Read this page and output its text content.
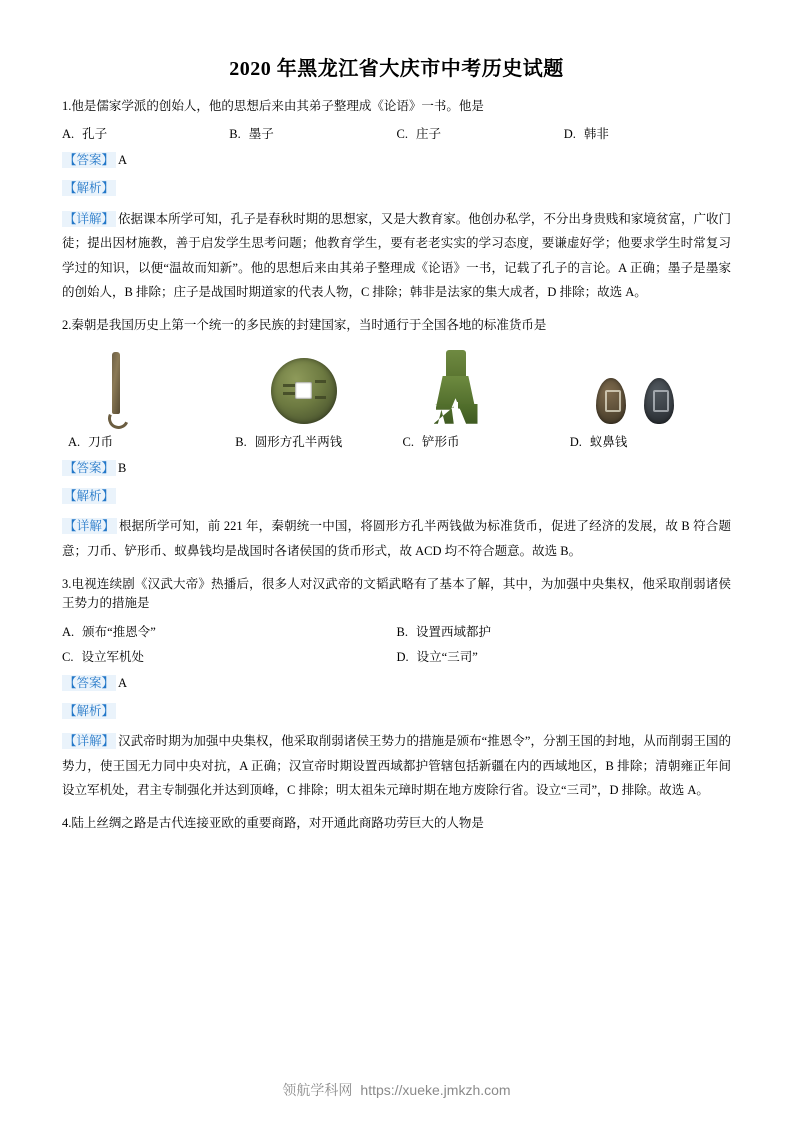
2020 年黑龙江省大庆市中考历史试题
1.他是儒家学派的创始人，他的思想后来由其弟子整理成《论语》一书。他是
A. 孔子	B. 墨子	C. 庄子	D. 韩非
【答案】 A
【解析】
【详解】 依据课本所学可知，孔子是春秋时期的思想家，又是大教育家。他创办私学，不分出身贵贱和家境贫富，广收门徒；提出因材施教，善于启发学生思考问题；他教育学生，要有老老实实的学习态度，要谦虚好学；他要求学生时常复习学过的知识，以便“温故而知新”。他的思想后来由其弟子整理成《论语》一书，记载了孔子的言论。A 正确；墨子是墨家的创始人，B 排除；庄子是战国时期道家的代表人物，C 排除；韩非是法家的集大成者，D 排除；故选 A。
2.秦朝是我国历史上第一个统一的多民族的封建国家，当时通行于全国各地的标准货币是
A. 刀币	B. 圆形方孔半两钱	C. 铲形币	D. 蚁鼻钱
【答案】 B
【解析】
【详解】 根据所学可知，前 221 年，秦朝统一中国，将圆形方孔半两钱做为标准货币，促进了经济的发展，故 B 符合题意；刀币、铲形币、蚁鼻钱均是战国时各诸侯国的货币形式，故 ACD 均不符合题意。故选 B。
3.电视连续剧《汉武大帝》热播后，很多人对汉武帝的文韬武略有了基本了解，其中，为加强中央集权，他采取削弱诸侯王势力的措施是
A. 颁布“推恩令”	B. 设置西域都护
C. 设立军机处	D. 设立“三司”
【答案】 A
【解析】
【详解】 汉武帝时期为加强中央集权，他采取削弱诸侯王势力的措施是颁布“推恩令”，分割王国的封地，从而削弱王国的势力，使王国无力同中央对抗，A 正确；汉宣帝时期设置西域都护管辖包括新疆在内的西域地区，B 排除；清朝雍正年间设立军机处，君主专制强化并达到顶峰，C 排除；明太祖朱元璋时期在地方废除行省。设立“三司”，D 排除。故选 A。
4.陆上丝绸之路是古代连接亚欧的重要商路，对开通此商路功劳巨大的人物是
领航学科网 https://xueke.jmkzh.com
